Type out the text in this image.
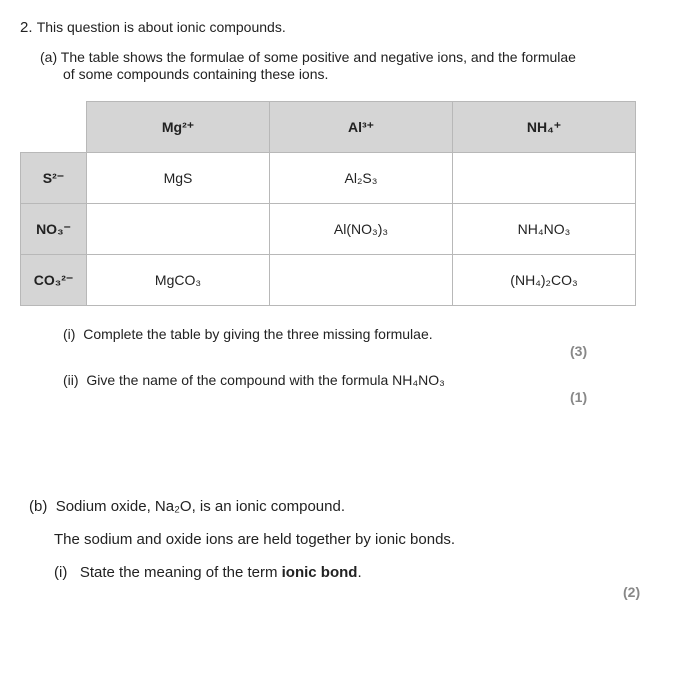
2. This question is about ionic compounds.
(a) The table shows the formulae of some positive and negative ions, and the formulae
of some compounds containing these ions.
	Mg²⁺	Al³⁺	NH₄⁺
S²⁻	MgS	Al₂S₃	
NO₃⁻		Al(NO₃)₃	NH₄NO₃
CO₃²⁻	MgCO₃		(NH₄)₂CO₃
(i) Complete the table by giving the three missing formulae.
(3)
(ii) Give the name of the compound with the formula NH₄NO₃
(1)
(b) Sodium oxide, Na₂O, is an ionic compound.
The sodium and oxide ions are held together by ionic bonds.
(i) State the meaning of the term ionic bond.
(2)
